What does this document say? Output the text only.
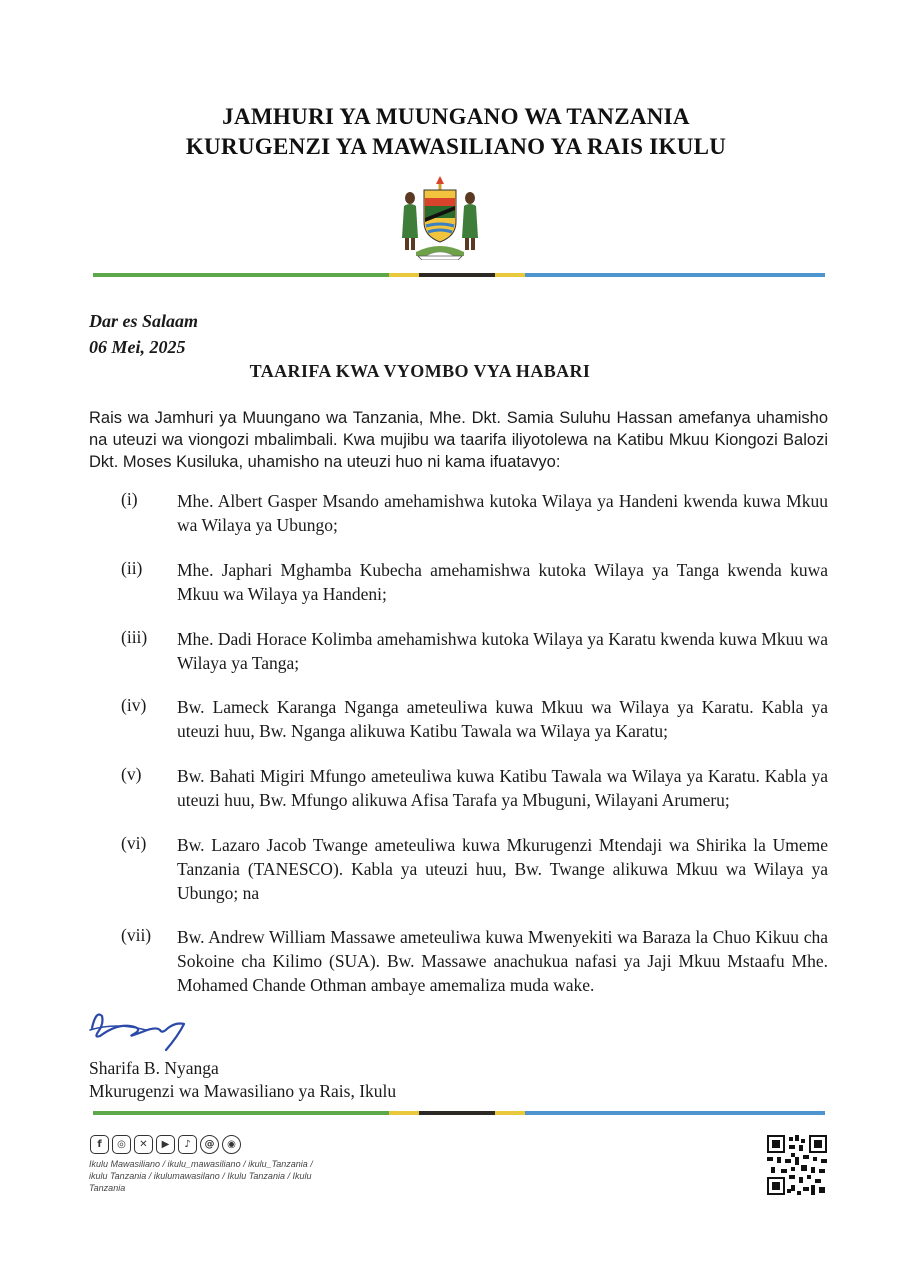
JAMHURI YA MUUNGANO WA TANZANIA
KURUGENZI YA MAWASILIANO YA RAIS IKULU
Dar es Salaam
06 Mei, 2025
TAARIFA KWA VYOMBO VYA HABARI
Rais wa Jamhuri ya Muungano wa Tanzania, Mhe. Dkt. Samia Suluhu Hassan amefanya uhamisho na uteuzi wa viongozi mbalimbali. Kwa mujibu wa taarifa iliyotolewa na Katibu Mkuu Kiongozi Balozi Dkt. Moses Kusiluka, uhamisho na uteuzi huo ni kama ifuatavyo:
(i) Mhe. Albert Gasper Msando amehamishwa kutoka Wilaya ya Handeni kwenda kuwa Mkuu wa Wilaya ya Ubungo;
(ii) Mhe. Japhari Mghamba Kubecha amehamishwa kutoka Wilaya ya Tanga kwenda kuwa Mkuu wa Wilaya ya Handeni;
(iii) Mhe. Dadi Horace Kolimba amehamishwa kutoka Wilaya ya Karatu kwenda kuwa Mkuu wa Wilaya ya Tanga;
(iv) Bw. Lameck Karanga Nganga ameteuliwa kuwa Mkuu wa Wilaya ya Karatu. Kabla ya uteuzi huu, Bw. Nganga alikuwa Katibu Tawala wa Wilaya ya Karatu;
(v) Bw. Bahati Migiri Mfungo ameteuliwa kuwa Katibu Tawala wa Wilaya ya Karatu. Kabla ya uteuzi huu, Bw. Mfungo alikuwa Afisa Tarafa ya Mbuguni, Wilayani Arumeru;
(vi) Bw. Lazaro Jacob Twange ameteuliwa kuwa Mkurugenzi Mtendaji wa Shirika la Umeme Tanzania (TANESCO). Kabla ya uteuzi huu, Bw. Twange alikuwa Mkuu wa Wilaya ya Ubungo; na
(vii) Bw. Andrew William Massawe ameteuliwa kuwa Mwenyekiti wa Baraza la Chuo Kikuu cha Sokoine cha Kilimo (SUA). Bw. Massawe anachukua nafasi ya Jaji Mkuu Mstaafu Mhe. Mohamed Chande Othman ambaye amemaliza muda wake.
Sharifa B. Nyanga
Mkurugenzi wa Mawasiliano ya Rais, Ikulu
f	◎	✕	▶	♪	@	◉
Ikulu Mawasiliano / ikulu_mawasiliano / ikulu_Tanzania / ikulu Tanzania / ikulumawasilano / Ikulu Tanzania / Ikulu Tanzania
